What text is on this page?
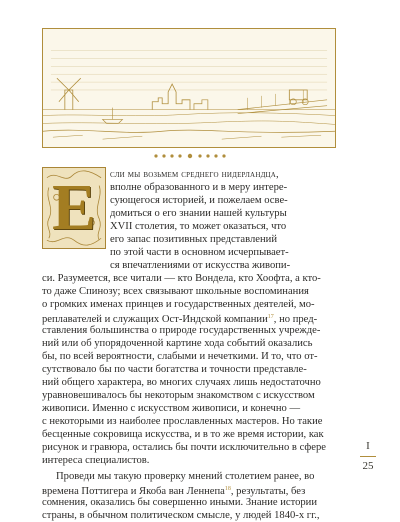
Е	сли мы возьмем среднего нидерландца,
вполне образованного и в меру интере-
сующегося историей, и пожелаем осве-
домиться о его знании нашей культуры
XVII столетия, то может оказаться, что
его запас позитивных представлений
по этой части в основном исчерпывает-
ся впечатлениями от искусства живопи-
си. Разумеется, все читали — кто Вондела, кто Хоофта, а кто-
то даже Спинозу; всех связывают школьные воспоминания
о громких именах принцев и государственных деятелей, мо-
реплавателей и служащих Ост-Индской компании$^{17}$, но пред-
ставления большинства о природе государственных учрежде-
ний или об упорядоченной картине хода событий оказались
бы, по всей вероятности, слабыми и нечеткими. И то, что от-
сутствовало бы по части богатства и точности представле-
ний общего характера, во многих случаях лишь недостаточно
уравновешивалось бы некоторым знакомством с искусством
живописи. Именно с искусством живописи, и конечно —
с некоторыми из наиболее прославленных мастеров. Но такие
бесценные сокровища искусства, и в то же время истории, как
рисунок и гравюра, остались бы почти исключительно в сфере
интереса специалистов.
Проведи мы такую проверку мнений столетием ранее, во
времена Поттигера и Якоба ван Леннепа$^{18}$, результаты, без
сомнения, оказались бы совершенно иными. Знание истории
страны, в обычном политическом смысле, у людей 1840-х гг.,
I
25
